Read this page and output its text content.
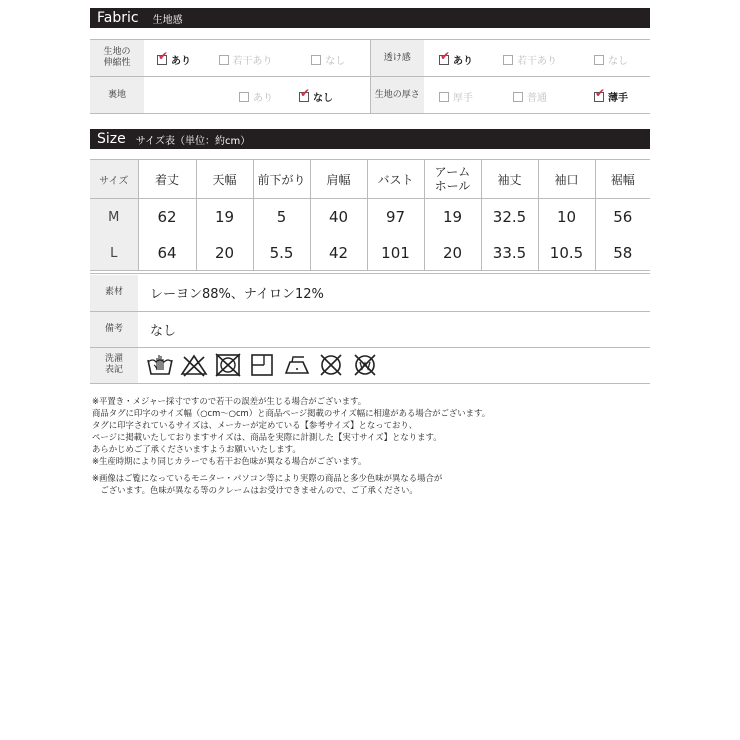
Fabric 生地感
生地の
伸縮性	✔ あり	若干あり	なし	透け感	✔ あり	若干あり	なし
裏地	あり		✔ なし	生地の厚さ	厚手	普通	✔ 薄手
Size サイズ表（単位：約cm）
サイズ	着丈	天幅	前下がり	肩幅	バスト	アーム
ホール	袖丈	袖口	裾幅
M	62	19	5	40	97	19	32.5	10	56
L	64	20	5.5	42	101	20	33.5	10.5	58
素材	レーヨン88%、ナイロン12%
備考	なし
洗濯
表記	

※平置き・メジャー採寸ですので若干の誤差が生じる場合がございます。

商品タグに印字のサイズ幅（○cm～○cm）と商品ページ掲載のサイズ幅に相違がある場合がございます。

タグに印字されているサイズは、メーカーが定めている【参考サイズ】となっており、

ページに掲載いたしておりますサイズは、商品を実際に計測した【実寸サイズ】となります。

あらかじめご了承くださいますようお願いいたします。

※生産時期により同じカラーでも若干お色味が異なる場合がございます。

※画像はご覧になっているモニター・パソコン等により実際の商品と多少色味が異なる場合が

　ございます。色味が異なる等のクレームはお受けできませんので、ご了承ください。
